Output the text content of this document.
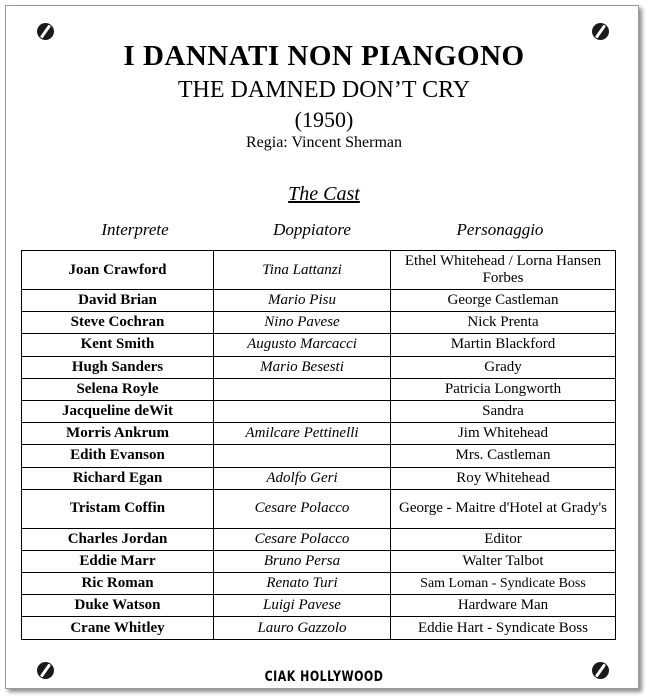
I DANNATI NON PIANGONO
THE DAMNED DON’T CRY
(1950)
Regia: Vincent Sherman
The Cast
Interprete	Doppiatore	Personaggio
Joan Crawford	Tina Lattanzi	Ethel Whitehead / Lorna Hansen Forbes
David Brian	Mario Pisu	George Castleman
Steve Cochran	Nino Pavese	Nick Prenta
Kent Smith	Augusto Marcacci	Martin Blackford
Hugh Sanders	Mario Besesti	Grady
Selena Royle		Patricia Longworth
Jacqueline deWit		Sandra
Morris Ankrum	Amilcare Pettinelli	Jim Whitehead
Edith Evanson		Mrs. Castleman
Richard Egan	Adolfo Geri	Roy Whitehead
Tristam Coffin	Cesare Polacco	George - Maitre d'Hotel at Grady's
Charles Jordan	Cesare Polacco	Editor
Eddie Marr	Bruno Persa	Walter Talbot
Ric Roman	Renato Turi	Sam Loman - Syndicate Boss
Duke Watson	Luigi Pavese	Hardware Man
Crane Whitley	Lauro Gazzolo	Eddie Hart - Syndicate Boss
CIAK HOLLYWOOD
